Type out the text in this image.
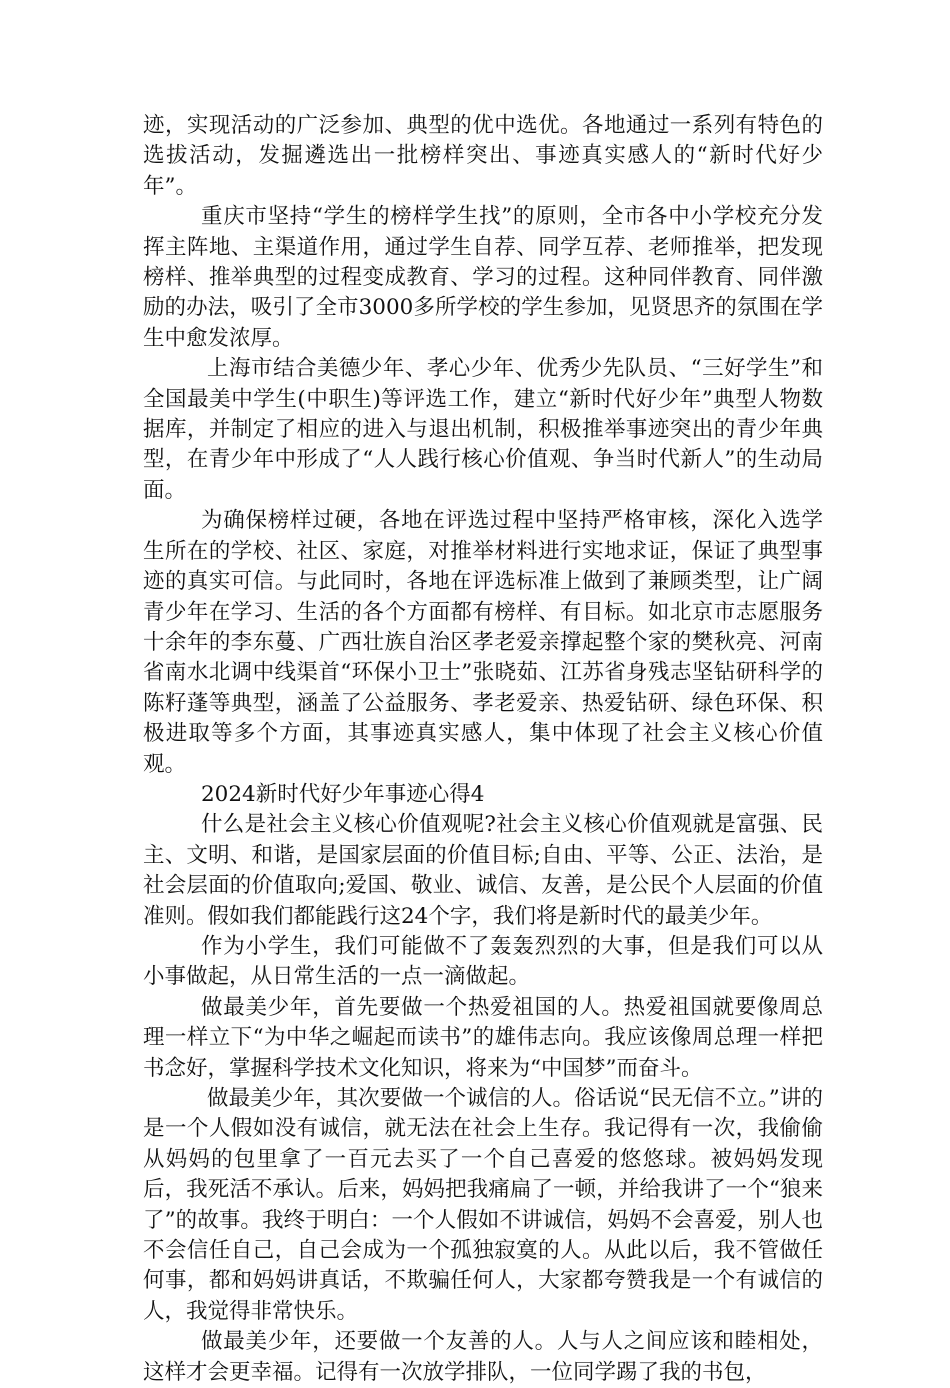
迹，实现活动的广泛参加、典型的优中选优。各地通过一系列有特色的选拔活动，发掘遴选出一批榜样突出、事迹真实感人的“新时代好少年”。

重庆市坚持“学生的榜样学生找”的原则，全市各中小学校充分发挥主阵地、主渠道作用，通过学生自荐、同学互荐、老师推举，把发现榜样、推举典型的过程变成教育、学习的过程。这种同伴教育、同伴激励的办法，吸引了全市3000多所学校的学生参加，见贤思齐的氛围在学生中愈发浓厚。

上海市结合美德少年、孝心少年、优秀少先队员、“三好学生”和全国最美中学生(中职生)等评选工作，建立“新时代好少年”典型人物数据库，并制定了相应的进入与退出机制，积极推举事迹突出的青少年典型，在青少年中形成了“人人践行核心价值观、争当时代新人”的生动局面。

为确保榜样过硬，各地在评选过程中坚持严格审核，深化入选学生所在的学校、社区、家庭，对推举材料进行实地求证，保证了典型事迹的真实可信。与此同时，各地在评选标准上做到了兼顾类型，让广阔青少年在学习、生活的各个方面都有榜样、有目标。如北京市志愿服务十余年的李东蔓、广西壮族自治区孝老爱亲撑起整个家的樊秋亮、河南省南水北调中线渠首“环保小卫士”张晓茹、江苏省身残志坚钻研科学的陈籽蓬等典型，涵盖了公益服务、孝老爱亲、热爱钻研、绿色环保、积极进取等多个方面，其事迹真实感人，集中体现了社会主义核心价值观。

2024新时代好少年事迹心得4

什么是社会主义核心价值观呢?社会主义核心价值观就是富强、民主、文明、和谐，是国家层面的价值目标;自由、平等、公正、法治，是社会层面的价值取向;爱国、敬业、诚信、友善，是公民个人层面的价值准则。假如我们都能践行这24个字，我们将是新时代的最美少年。

作为小学生，我们可能做不了轰轰烈烈的大事，但是我们可以从小事做起，从日常生活的一点一滴做起。

做最美少年，首先要做一个热爱祖国的人。热爱祖国就要像周总理一样立下“为中华之崛起而读书”的雄伟志向。我应该像周总理一样把书念好，掌握科学技术文化知识，将来为“中国梦”而奋斗。

做最美少年，其次要做一个诚信的人。俗话说“民无信不立。”讲的是一个人假如没有诚信，就无法在社会上生存。我记得有一次，我偷偷从妈妈的包里拿了一百元去买了一个自己喜爱的悠悠球。被妈妈发现后，我死活不承认。后来，妈妈把我痛扁了一顿，并给我讲了一个“狼来了”的故事。我终于明白：一个人假如不讲诚信，妈妈不会喜爱，别人也不会信任自己，自己会成为一个孤独寂寞的人。从此以后，我不管做任何事，都和妈妈讲真话，不欺骗任何人，大家都夸赞我是一个有诚信的人，我觉得非常快乐。

做最美少年，还要做一个友善的人。人与人之间应该和睦相处，这样才会更幸福。记得有一次放学排队，一位同学踢了我的书包，
